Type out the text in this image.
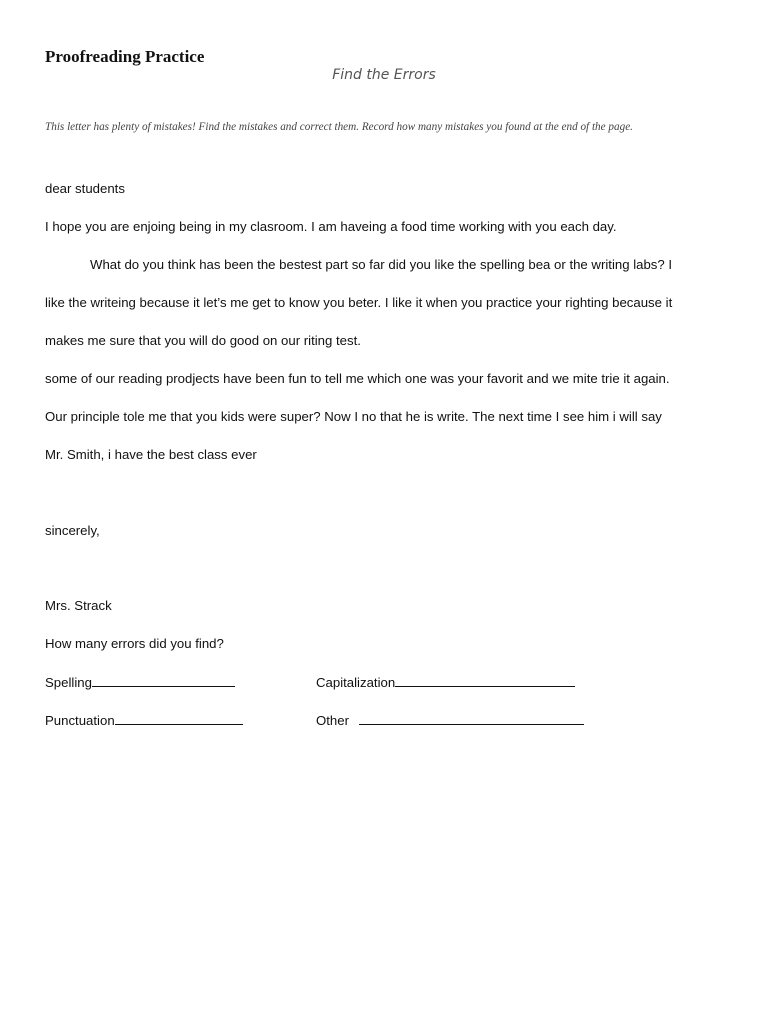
Proofreading Practice
Find the Errors
This letter has plenty of mistakes! Find the mistakes and correct them. Record how many mistakes you found at the end of the page.
dear students
I hope you are enjoing being in my clasroom. I am haveing a food time working with you each day.
What do you think has been the bestest part so far did you like the spelling bea or the writing labs? I
like the writeing because it let’s me get to know you beter. I like it when you practice your righting because it
makes me sure that you will do good on our riting test.
some of our reading prodjects have been fun to tell me which one was your favorit and we mite trie it again.
Our principle tole me that you kids were super? Now I no that he is write. The next time I see him i will say
Mr. Smith, i have the best class ever
sincerely,
Mrs. Strack
How many errors did you find?
Spelling	Capitalization
Punctuation	Other
